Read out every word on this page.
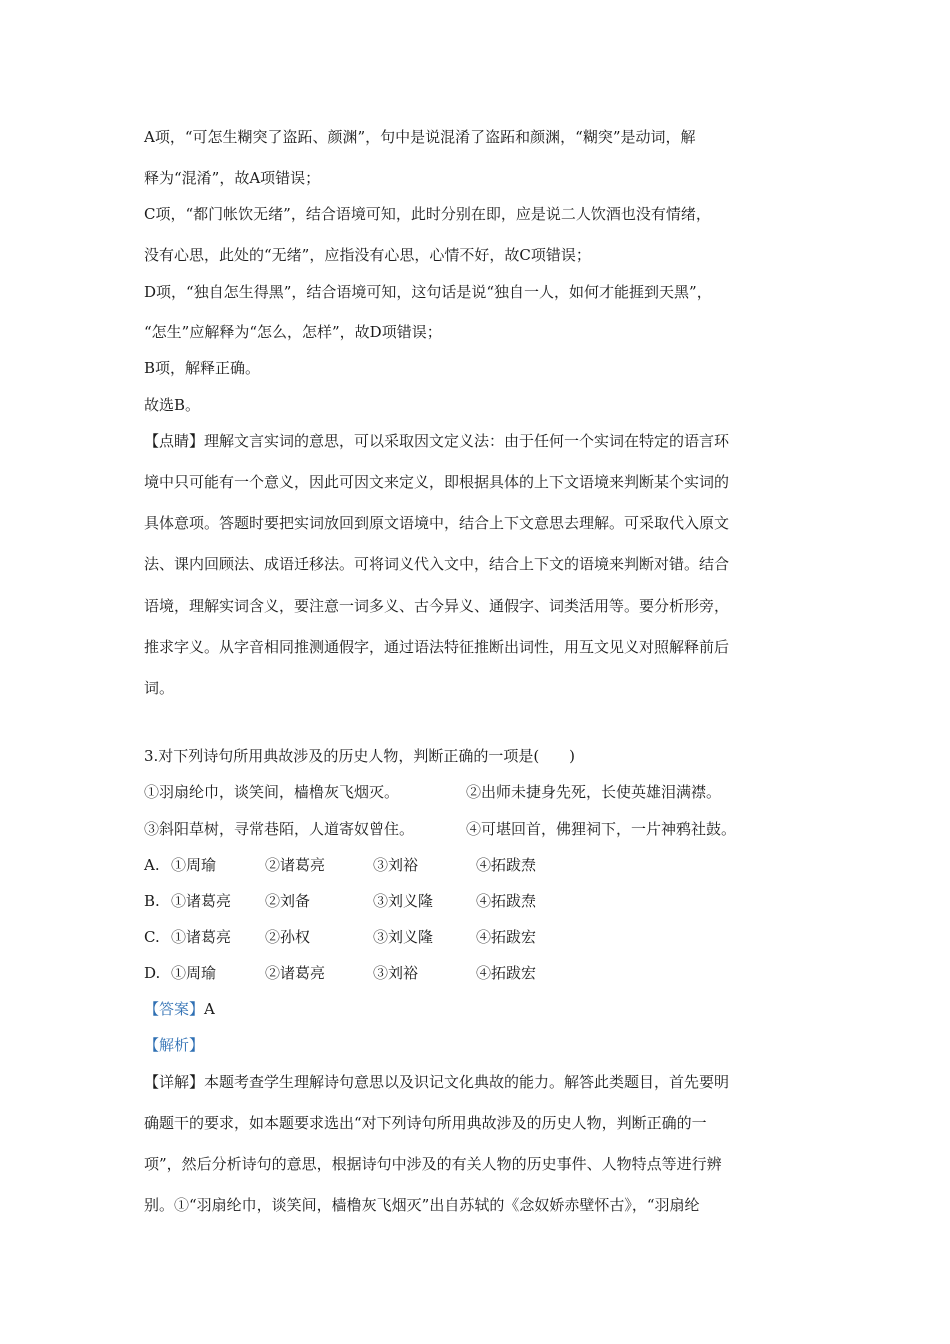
A项，“可怎生糊突了盗跖、颜渊”，句中是说混淆了盗跖和颜渊，“糊突”是动词，解
释为“混淆”，故A项错误；
C项，“都门帐饮无绪”，结合语境可知，此时分别在即，应是说二人饮酒也没有情绪，
没有心思，此处的“无绪”，应指没有心思，心情不好，故C项错误；
D项，“独自怎生得黑”，结合语境可知，这句话是说“独自一人，如何才能捱到天黑”，
“怎生”应解释为“怎么，怎样”，故D项错误；
B项，解释正确。
故选B。
【点睛】理解文言实词的意思，可以采取因文定义法：由于任何一个实词在特定的语言环
境中只可能有一个意义，因此可因文来定义，即根据具体的上下文语境来判断某个实词的
具体意项。答题时要把实词放回到原文语境中，结合上下文意思去理解。可采取代入原文
法、课内回顾法、成语迁移法。可将词义代入文中，结合上下文的语境来判断对错。结合
语境，理解实词含义，要注意一词多义、古今异义、通假字、词类活用等。要分析形旁，
推求字义。从字音相同推测通假字，通过语法特征推断出词性，用互文见义对照解释前后
词。
3.对下列诗句所用典故涉及的历史人物，判断正确的一项是(　　)
①羽扇纶巾，谈笑间，樯橹灰飞烟灭。	②出师未捷身先死，长使英雄泪满襟。
③斜阳草树，寻常巷陌，人道寄奴曾住。	④可堪回首，佛狸祠下，一片神鸦社鼓。
A. ①周瑜	②诸葛亮	③刘裕	④拓跋焘
B. ①诸葛亮 ②刘备	③刘义隆	④拓跋焘
C. ①诸葛亮 ②孙权	③刘义隆	④拓跋宏
D. ①周瑜	②诸葛亮	③刘裕	④拓跋宏
【答案】A
【解析】
【详解】本题考查学生理解诗句意思以及识记文化典故的能力。解答此类题目，首先要明
确题干的要求，如本题要求选出“对下列诗句所用典故涉及的历史人物，判断正确的一
项”，然后分析诗句的意思，根据诗句中涉及的有关人物的历史事件、人物特点等进行辨
别。①“羽扇纶巾，谈笑间，樯橹灰飞烟灭”出自苏轼的《念奴娇赤壁怀古》，“羽扇纶
